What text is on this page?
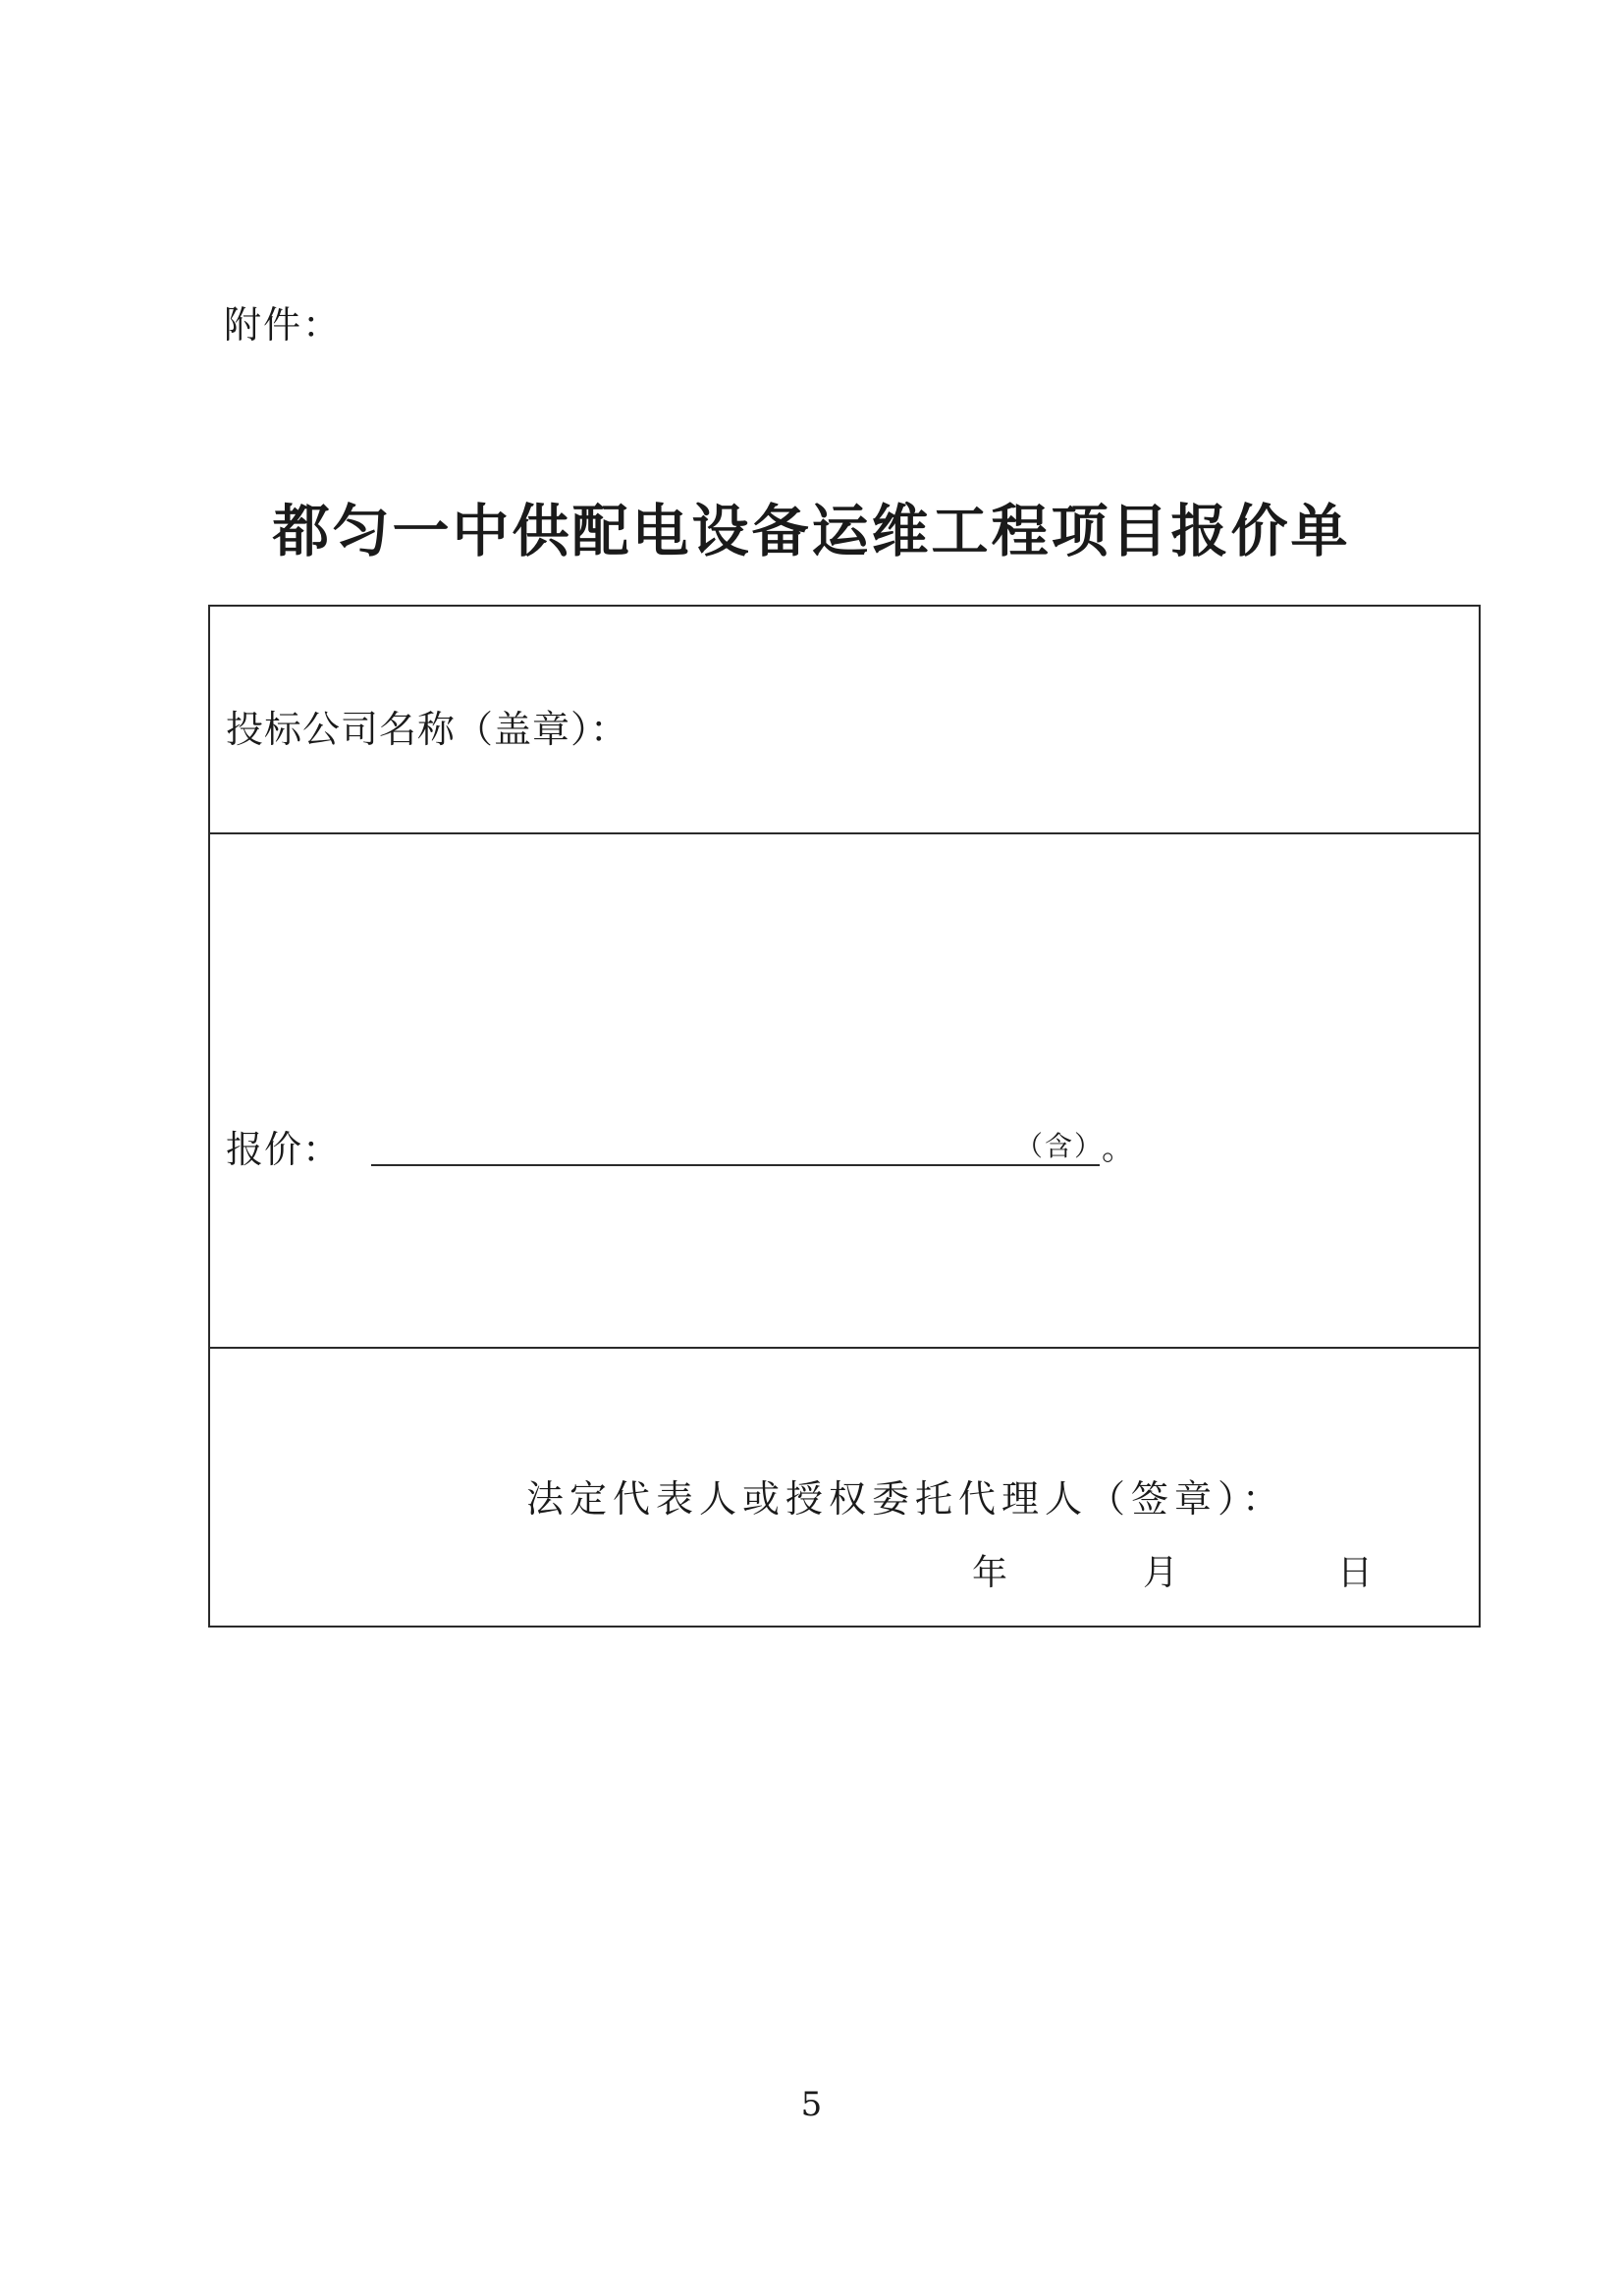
附件：
都匀一中供配电设备运维工程项目报价单
投标公司名称（盖章）：
报价：	（含）
。
法定代表人或授权委托代理人（签章）：
年	月	日
5
